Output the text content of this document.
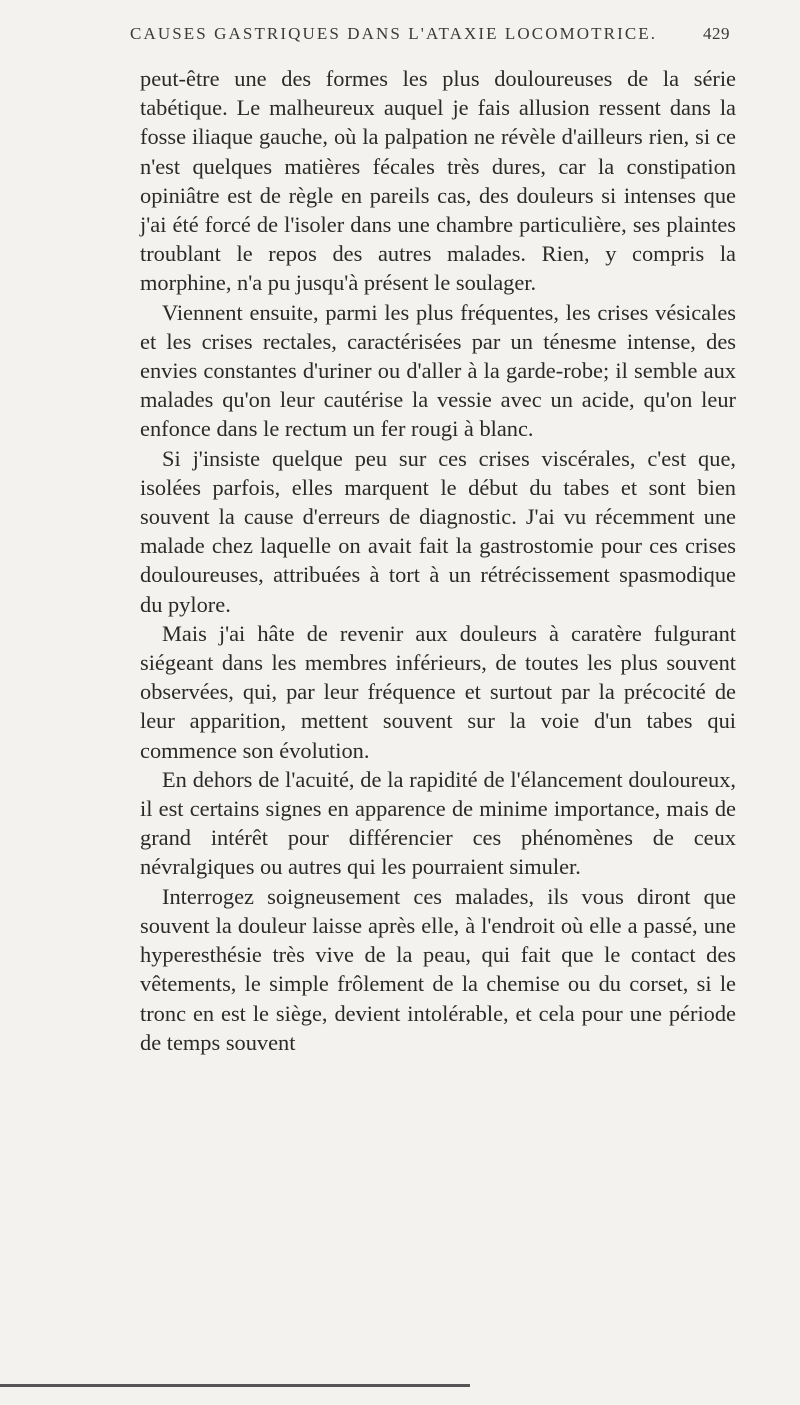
CAUSES GASTRIQUES DANS L'ATAXIE LOCOMOTRICE.	429

peut-être une des formes les plus douloureuses de la série tabétique. Le malheureux auquel je fais allusion ressent dans la fosse iliaque gauche, où la palpation ne révèle d'ailleurs rien, si ce n'est quelques matières fécales très dures, car la constipation opiniâtre est de règle en pareils cas, des douleurs si intenses que j'ai été forcé de l'isoler dans une chambre particulière, ses plaintes troublant le repos des autres malades. Rien, y compris la morphine, n'a pu jusqu'à présent le soulager.

Viennent ensuite, parmi les plus fréquentes, les crises vésicales et les crises rectales, caractérisées par un ténesme intense, des envies constantes d'uriner ou d'aller à la garde-robe; il semble aux malades qu'on leur cautérise la vessie avec un acide, qu'on leur enfonce dans le rectum un fer rougi à blanc.

Si j'insiste quelque peu sur ces crises viscérales, c'est que, isolées parfois, elles marquent le début du tabes et sont bien souvent la cause d'erreurs de diagnostic. J'ai vu récemment une malade chez laquelle on avait fait la gastrostomie pour ces crises douloureuses, attribuées à tort à un rétrécissement spasmodique du pylore.

Mais j'ai hâte de revenir aux douleurs à caratère fulgurant siégeant dans les membres inférieurs, de toutes les plus souvent observées, qui, par leur fréquence et surtout par la précocité de leur apparition, mettent souvent sur la voie d'un tabes qui commence son évolution.

En dehors de l'acuité, de la rapidité de l'élancement douloureux, il est certains signes en apparence de minime importance, mais de grand intérêt pour différencier ces phénomènes de ceux névralgiques ou autres qui les pourraient simuler.

Interrogez soigneusement ces malades, ils vous diront que souvent la douleur laisse après elle, à l'endroit où elle a passé, une hyperesthésie très vive de la peau, qui fait que le contact des vêtements, le simple frôlement de la chemise ou du corset, si le tronc en est le siège, devient intolérable, et cela pour une période de temps souvent
